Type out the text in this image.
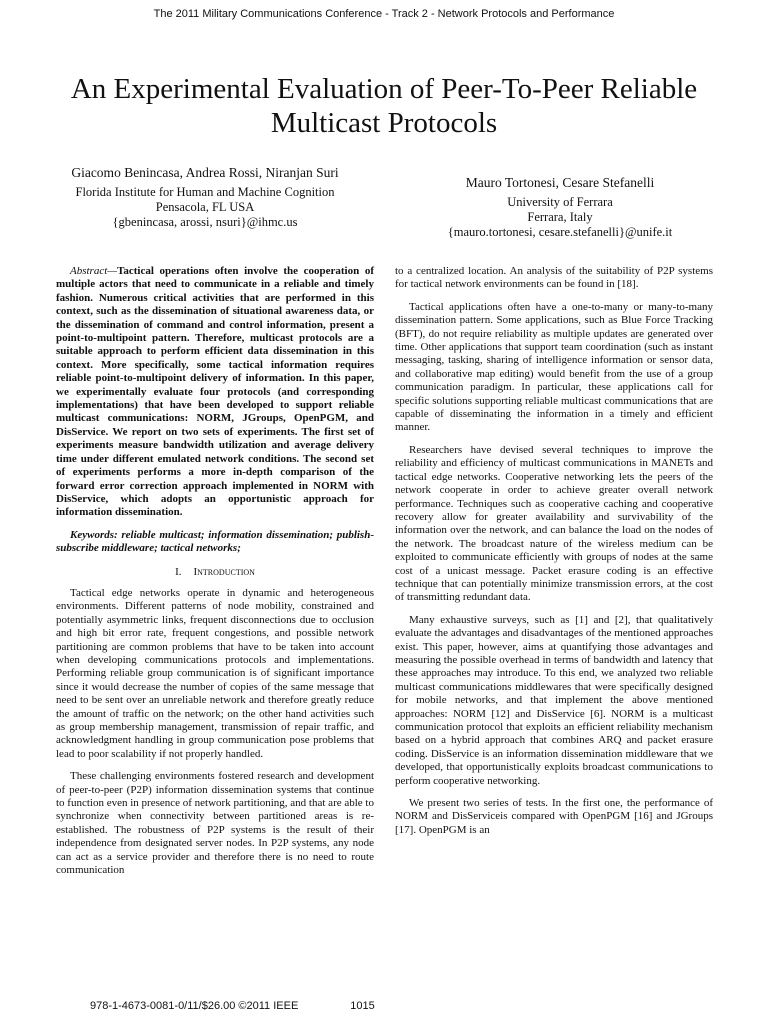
The 2011 Military Communications Conference - Track 2 - Network Protocols and Performance
An Experimental Evaluation of Peer-To-Peer Reliable Multicast Protocols
Giacomo Benincasa, Andrea Rossi, Niranjan Suri
Florida Institute for Human and Machine Cognition
Pensacola, FL USA
{gbenincasa, arossi, nsuri}@ihmc.us
Mauro Tortonesi, Cesare Stefanelli
University of Ferrara
Ferrara, Italy
{mauro.tortonesi, cesare.stefanelli}@unife.it

Abstract—Tactical operations often involve the cooperation of multiple actors that need to communicate in a reliable and timely fashion. Numerous critical activities that are performed in this context, such as the dissemination of situational awareness data, or the dissemination of command and control information, present a point-to-multipoint pattern. Therefore, multicast protocols are a suitable approach to perform efficient data dissemination in this context. More specifically, some tactical information requires reliable point-to-multipoint delivery of information. In this paper, we experimentally evaluate four protocols (and corresponding implementations) that have been developed to support reliable multicast communications: NORM, JGroups, OpenPGM, and DisService. We report on two sets of experiments. The first set of experiments measure bandwidth utilization and average delivery time under different emulated network conditions. The second set of experiments performs a more in-depth comparison of the forward error correction approach implemented in NORM with DisService, which adopts an opportunistic approach for information dissemination.

Keywords: reliable multicast; information dissemination; publish-subscribe middleware; tactical networks;

I. Introduction

Tactical edge networks operate in dynamic and heterogeneous environments. Different patterns of node mobility, constrained and potentially asymmetric links, frequent disconnections due to occlusion and high bit error rate, frequent congestions, and possible network partitioning are common problems that have to be taken into account when developing communications protocols and implementations. Performing reliable group communication is of significant importance since it would decrease the number of copies of the same message that need to be sent over an unreliable network and therefore greatly reduce the amount of traffic on the network; on the other hand activities such as group membership management, transmission of repair traffic, and acknowledgment handling in group communication pose problems that lead to poor scalability if not properly handled.

These challenging environments fostered research and development of peer-to-peer (P2P) information dissemination systems that continue to function even in presence of network partitioning, and that are able to synchronize when connectivity between partitioned areas is re-established. The robustness of P2P systems is the result of their independence from designated server nodes. In P2P systems, any node can act as a service provider and therefore there is no need to route communication

to a centralized location. An analysis of the suitability of P2P systems for tactical network environments can be found in [18].

Tactical applications often have a one-to-many or many-to-many dissemination pattern. Some applications, such as Blue Force Tracking (BFT), do not require reliability as multiple updates are generated over time. Other applications that support team coordination (such as instant messaging, tasking, sharing of intelligence information or sensor data, and collaborative map editing) would benefit from the use of a group communication paradigm. In particular, these applications call for specific solutions supporting reliable multicast communications that are capable of disseminating the information in a timely and efficient manner.

Researchers have devised several techniques to improve the reliability and efficiency of multicast communications in MANETs and tactical edge networks. Cooperative networking lets the peers of the network cooperate in order to achieve greater overall network performance. Techniques such as cooperative caching and cooperative recovery allow for greater availability and survivability of the information over the network, and can balance the load on the nodes of the network. The broadcast nature of the wireless medium can be exploited to communicate efficiently with groups of nodes at the same cost of a unicast message. Packet erasure coding is an effective technique that can potentially minimize transmission errors, at the cost of transmitting redundant data.

Many exhaustive surveys, such as [1] and [2], that qualitatively evaluate the advantages and disadvantages of the mentioned approaches exist. This paper, however, aims at quantifying those advantages and measuring the possible overhead in terms of bandwidth and latency that these approaches may introduce. To this end, we analyzed two reliable multicast communications middlewares that were specifically designed for mobile networks, and that implement the above mentioned approaches: NORM [12] and DisService [6]. NORM is a multicast communication protocol that exploits an efficient reliability mechanism based on a hybrid approach that combines ARQ and packet erasure coding. DisService is an information dissemination middleware that we developed, that opportunistically exploits broadcast communications to perform cooperative networking.

We present two series of tests. In the first one, the performance of NORM and DisServiceis compared with OpenPGM [16] and JGroups [17]. OpenPGM is an

978-1-4673-0081-0/11/$26.00 ©2011 IEEE	1015
